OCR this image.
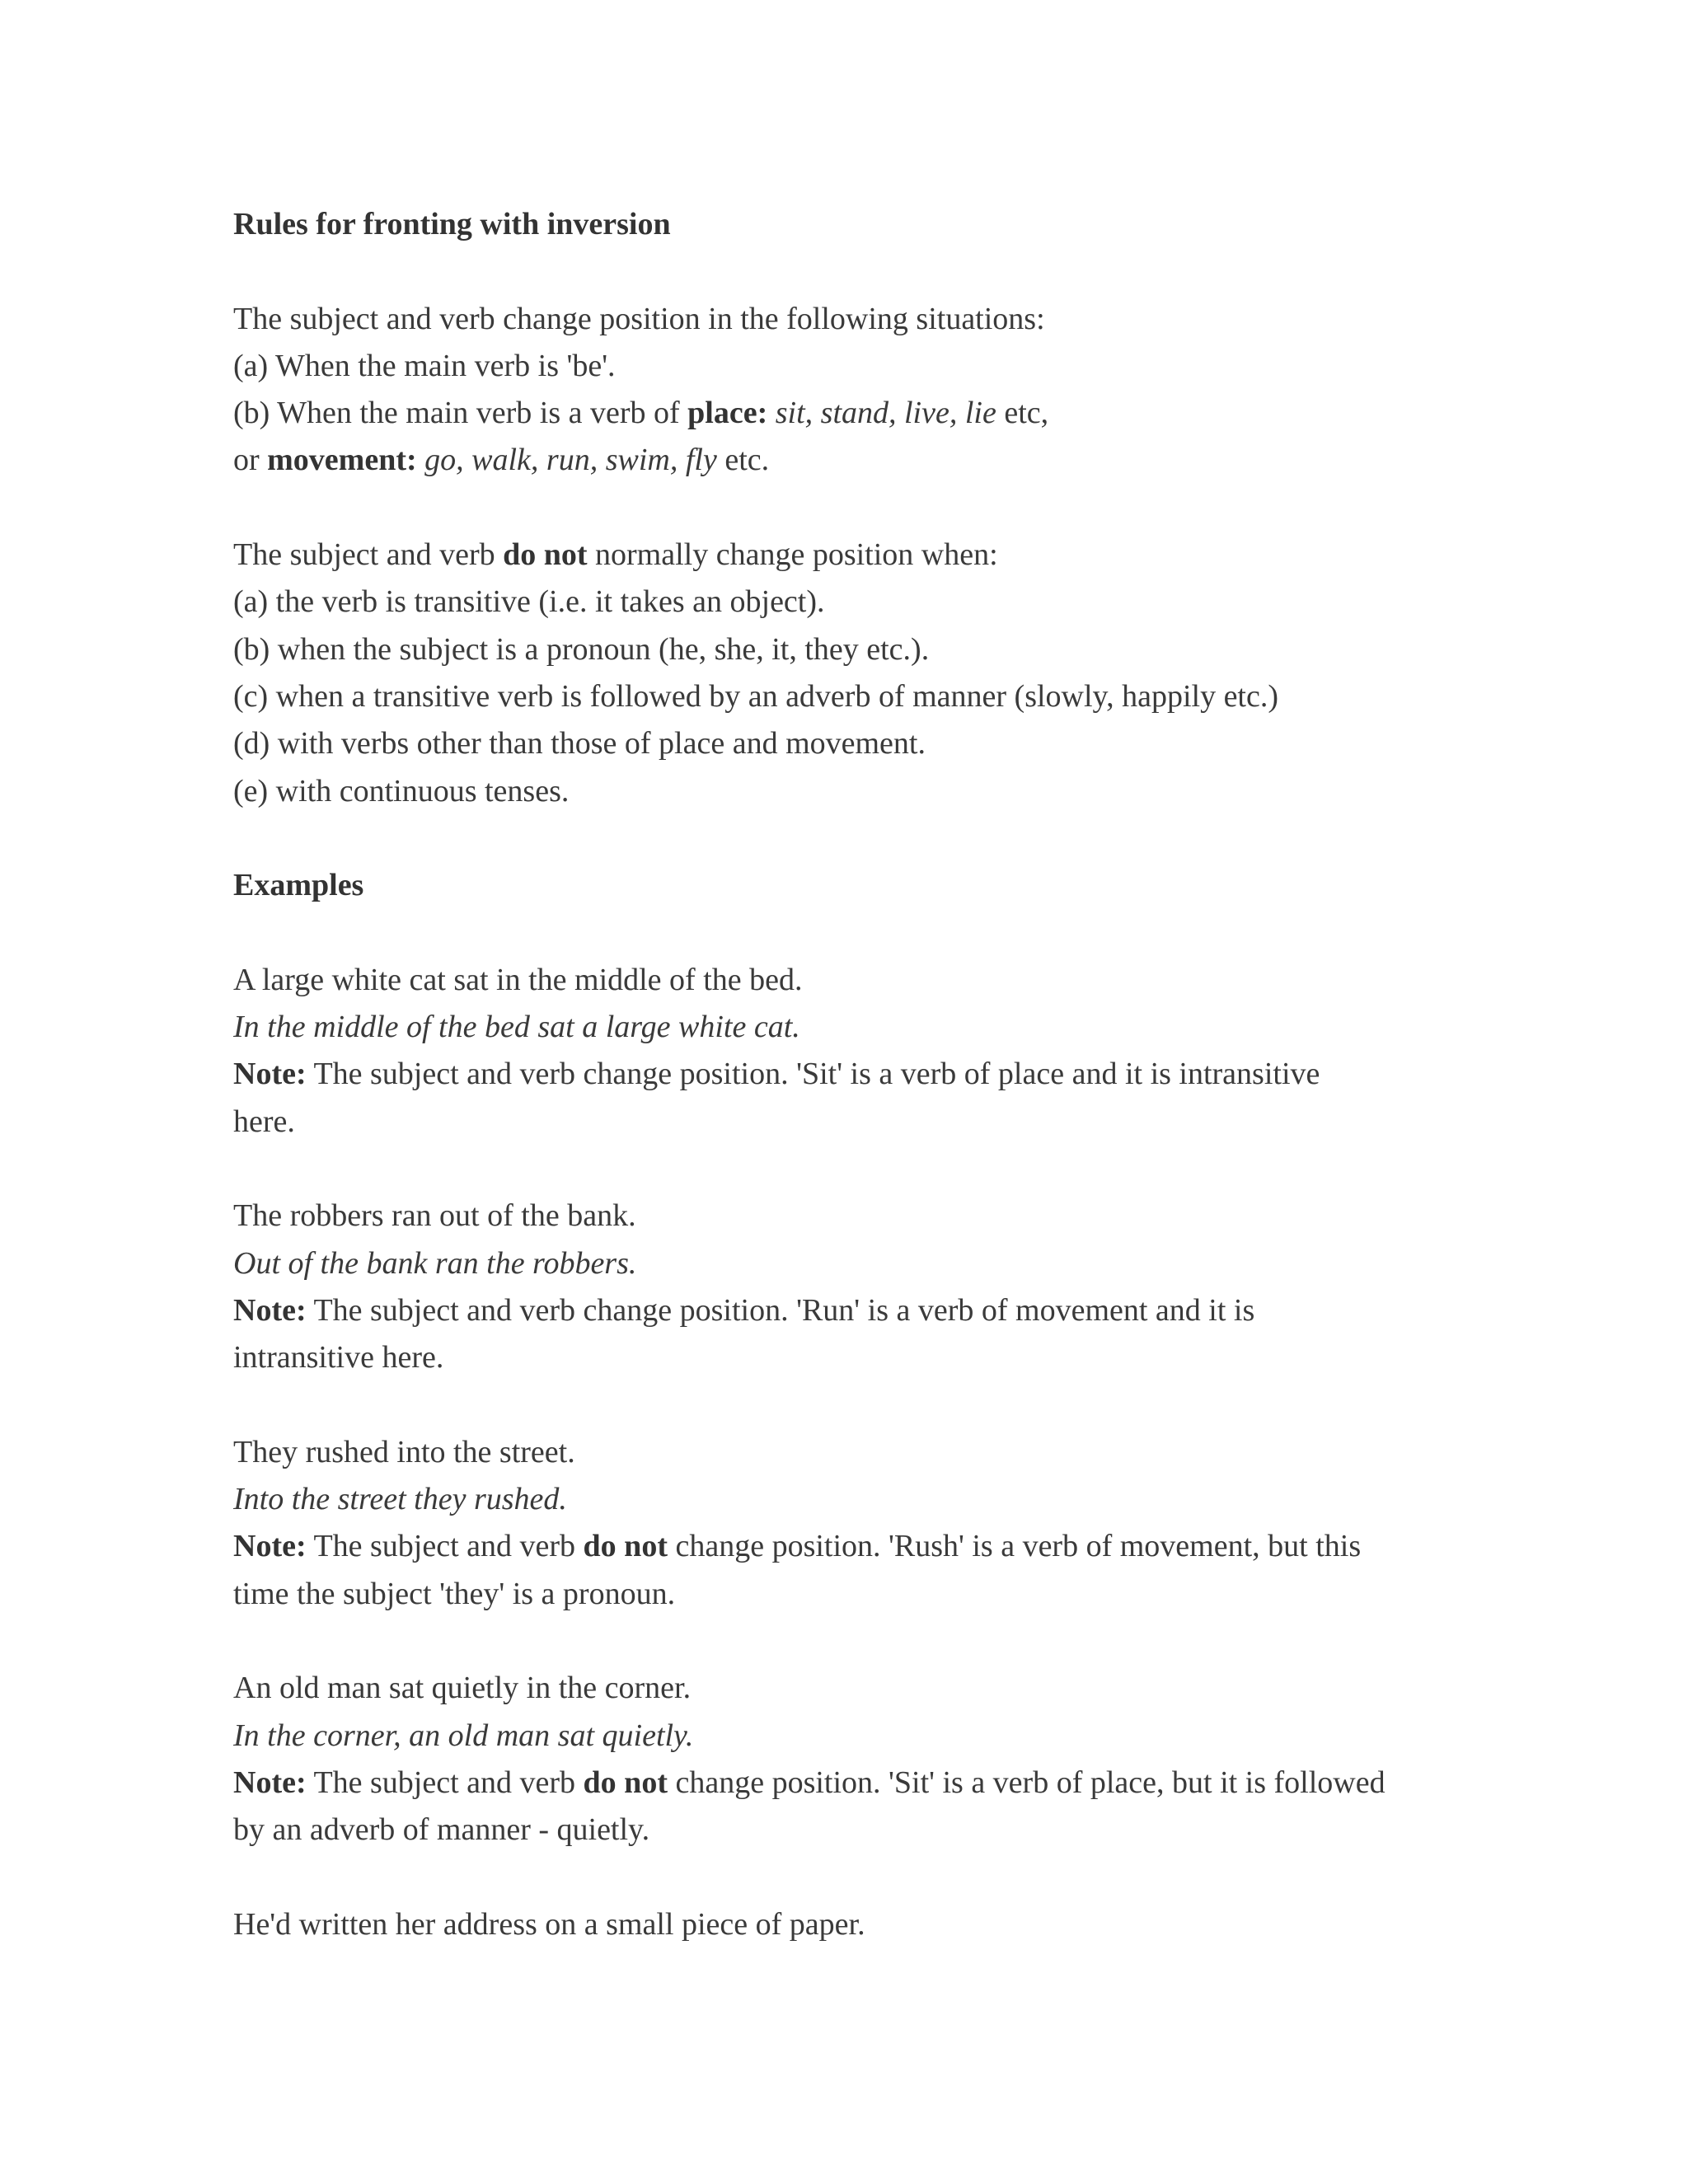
Rules for fronting with inversion
The subject and verb change position in the following situations:
(a) When the main verb is 'be'.
(b) When the main verb is a verb of place: sit, stand, live, lie etc,
or movement: go, walk, run, swim, fly etc.
The subject and verb do not normally change position when:
(a) the verb is transitive (i.e. it takes an object).
(b) when the subject is a pronoun (he, she, it, they etc.).
(c) when a transitive verb is followed by an adverb of manner (slowly, happily etc.)
(d) with verbs other than those of place and movement.
(e) with continuous tenses.
Examples
A large white cat sat in the middle of the bed.
In the middle of the bed sat a large white cat.
Note: The subject and verb change position. 'Sit' is a verb of place and it is intransitive
here.
The robbers ran out of the bank.
Out of the bank ran the robbers.
Note: The subject and verb change position. 'Run' is a verb of movement and it is
intransitive here.
They rushed into the street.
Into the street they rushed.
Note: The subject and verb do not change position. 'Rush' is a verb of movement, but this
time the subject 'they' is a pronoun.
An old man sat quietly in the corner.
In the corner, an old man sat quietly.
Note: The subject and verb do not change position. 'Sit' is a verb of place, but it is followed
by an adverb of manner - quietly.
He'd written her address on a small piece of paper.
